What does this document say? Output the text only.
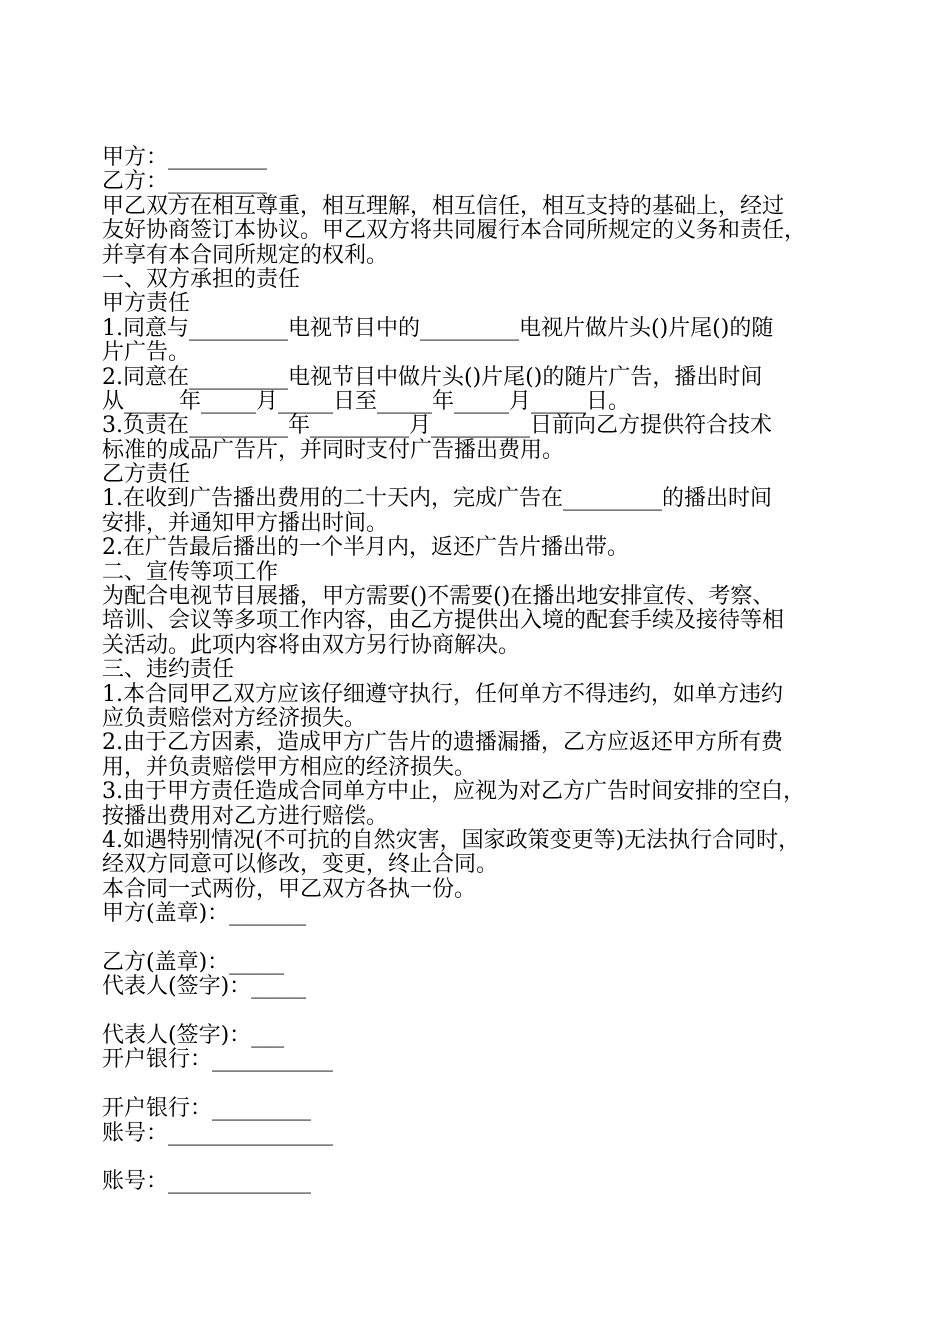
甲方：_________
乙方：_________
甲乙双方在相互尊重，相互理解，相互信任，相互支持的基础上，经过
友好协商签订本协议。甲乙双方将共同履行本合同所规定的义务和责任，
并享有本合同所规定的权利。
一、双方承担的责任
甲方责任
1.同意与_________电视节目中的_________电视片做片头()片尾()的随
片广告。
2.同意在_________电视节目中做片头()片尾()的随片广告，播出时间
从_____年_____月_____日至_____年_____月_____日。
3.负责在_________年_________月_________日前向乙方提供符合技术
标准的成品广告片，并同时支付广告播出费用。
乙方责任
1.在收到广告播出费用的二十天内，完成广告在_________的播出时间
安排，并通知甲方播出时间。
2.在广告最后播出的一个半月内，返还广告片播出带。
二、宣传等项工作
为配合电视节目展播，甲方需要()不需要()在播出地安排宣传、考察、
培训、会议等多项工作内容，由乙方提供出入境的配套手续及接待等相
关活动。此项内容将由双方另行协商解决。
三、违约责任
1.本合同甲乙双方应该仔细遵守执行，任何单方不得违约，如单方违约
应负责赔偿对方经济损失。
2.由于乙方因素，造成甲方广告片的遗播漏播，乙方应返还甲方所有费
用，并负责赔偿甲方相应的经济损失。
3.由于甲方责任造成合同单方中止，应视为对乙方广告时间安排的空白，
按播出费用对乙方进行赔偿。
4.如遇特别情况(不可抗的自然灾害，国家政策变更等)无法执行合同时，
经双方同意可以修改，变更，终止合同。
本合同一式两份，甲乙双方各执一份。
甲方(盖章)：_______
乙方(盖章)：_____
代表人(签字)：_____
代表人(签字)：___
开户银行：___________
开户银行：_________
账号：_______________
账号：_____________
